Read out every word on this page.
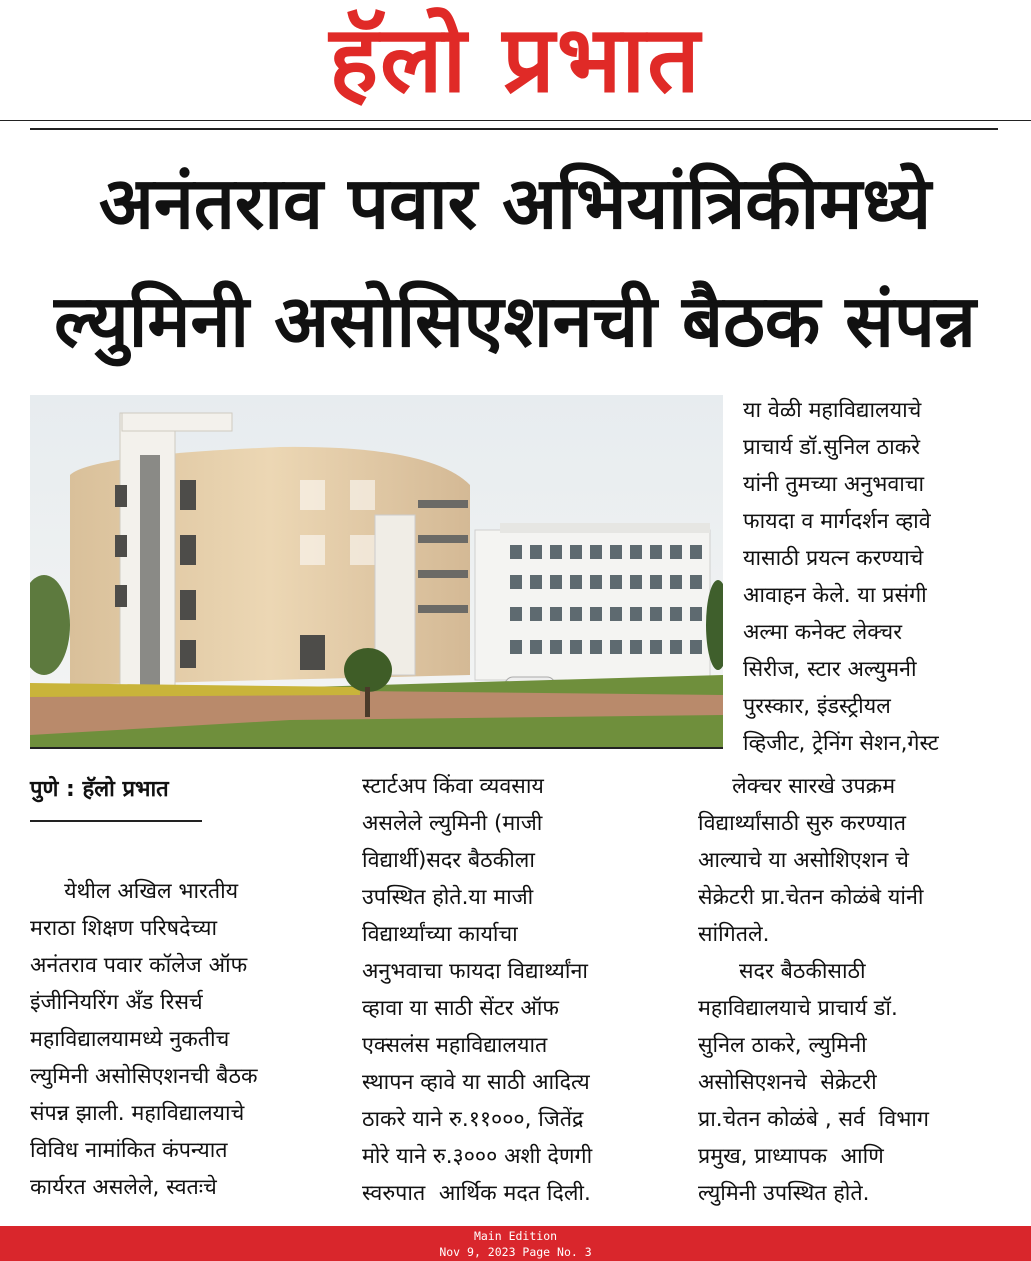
हॅलो प्रभात
अनंतराव पवार अभियांत्रिकीमध्ये
ल्युमिनी असोसिएशनची बैठक संपन्न
पुणे : हॅलो प्रभात
येथील अखिल भारतीय
मराठा शिक्षण परिषदेच्या
अनंतराव पवार कॉलेज ऑफ
इंजीनियरिंग अँड रिसर्च
महाविद्यालयामध्ये नुकतीच
ल्युमिनी असोसिएशनची बैठक
संपन्न झाली. महाविद्यालयाचे
विविध नामांकित कंपन्यात
कार्यरत असलेले, स्वतःचे
स्टार्टअप किंवा व्यवसाय
असलेले ल्युमिनी (माजी
विद्यार्थी)सदर बैठकीला
उपस्थित होते.या माजी
विद्यार्थ्यांच्या कार्याचा
अनुभवाचा फायदा विद्यार्थ्यांना
व्हावा या साठी सेंटर ऑफ
एक्सलंस महाविद्यालयात
स्थापन व्हावे या साठी आदित्य
ठाकरे याने रु.११०००, जितेंद्र
मोरे याने रु.३००० अशी देणगी
स्वरुपात  आर्थिक मदत दिली.
या वेळी महाविद्यालयाचे
प्राचार्य डॉ.सुनिल ठाकरे
यांनी तुमच्या अनुभवाचा
फायदा व मार्गदर्शन व्हावे
यासाठी प्रयत्न करण्याचे
आवाहन केले. या प्रसंगी
अल्मा कनेक्ट लेक्चर
सिरीज, स्टार अल्युमनी
पुरस्कार, इंडस्ट्रीयल
व्हिजीट, ट्रेनिंग सेशन,गेस्ट
लेक्चर सारखे उपक्रम
विद्यार्थ्यांसाठी सुरु करण्यात
आल्याचे या असोशिएशन चे
सेक्रेटरी प्रा.चेतन कोळंबे यांनी
सांगितले.
सदर बैठकीसाठी
महाविद्यालयाचे प्राचार्य डॉ.
सुनिल ठाकरे, ल्युमिनी
असोसिएशनचे  सेक्रेटरी
प्रा.चेतन कोळंबे , सर्व  विभाग
प्रमुख, प्राध्यापक  आणि
ल्युमिनी उपस्थित होते.
Main Edition
Nov 9, 2023 Page No. 3
